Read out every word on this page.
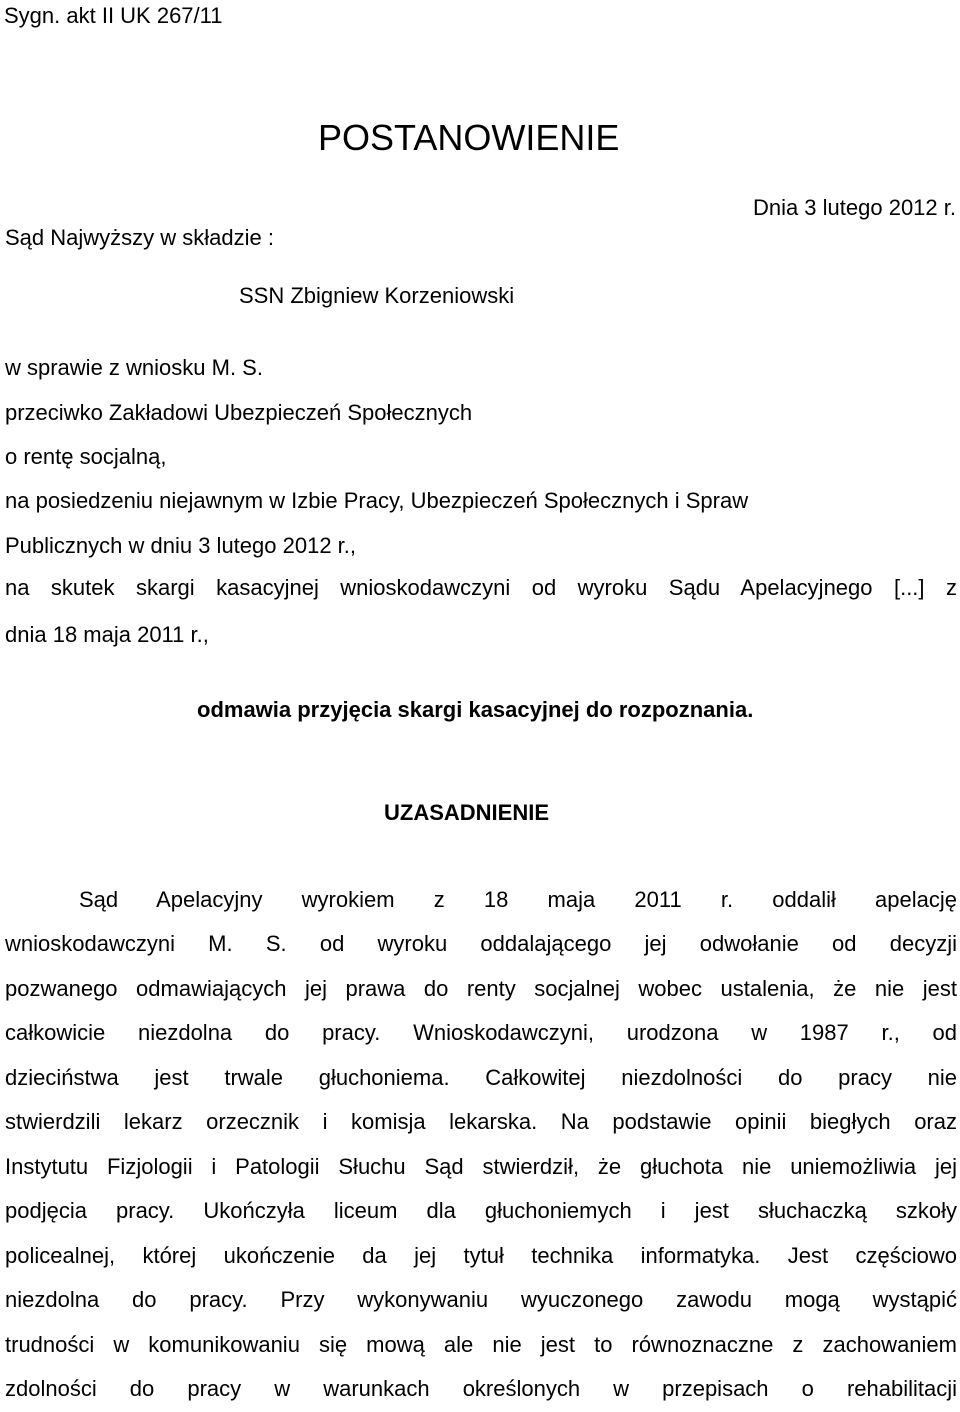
Sygn. akt II UK 267/11
POSTANOWIENIE
Sąd Najwyższy w składzie :
Dnia 3 lutego 2012 r.
SSN Zbigniew Korzeniowski
w sprawie z wniosku M. S.
przeciwko Zakładowi Ubezpieczeń Społecznych
o rentę socjalną,
na posiedzeniu niejawnym w Izbie Pracy, Ubezpieczeń Społecznych i Spraw
Publicznych w dniu 3 lutego 2012 r.,
na skutek skargi kasacyjnej wnioskodawczyni od wyroku Sądu Apelacyjnego [...] z
dnia 18 maja 2011 r.,
odmawia przyjęcia skargi kasacyjnej do rozpoznania.
UZASADNIENIE
Sąd Apelacyjny wyrokiem z 18 maja 2011 r. oddalił apelację
wnioskodawczyni M. S. od wyroku oddalającego jej odwołanie od decyzji
pozwanego odmawiających jej prawa do renty socjalnej wobec ustalenia, że nie jest
całkowicie niezdolna do pracy. Wnioskodawczyni, urodzona w 1987 r., od
dzieciństwa jest trwale głuchoniema. Całkowitej niezdolności do pracy nie
stwierdzili lekarz orzecznik i komisja lekarska. Na podstawie opinii biegłych oraz
Instytutu Fizjologii i Patologii Słuchu Sąd stwierdził, że głuchota nie uniemożliwia jej
podjęcia pracy. Ukończyła liceum dla głuchoniemych i jest słuchaczką szkoły
policealnej, której ukończenie da jej tytuł technika informatyka. Jest częściowo
niezdolna do pracy. Przy wykonywaniu wyuczonego zawodu mogą wystąpić
trudności w komunikowaniu się mową ale nie jest to równoznaczne z zachowaniem
zdolności do pracy w warunkach określonych w przepisach o rehabilitacji
